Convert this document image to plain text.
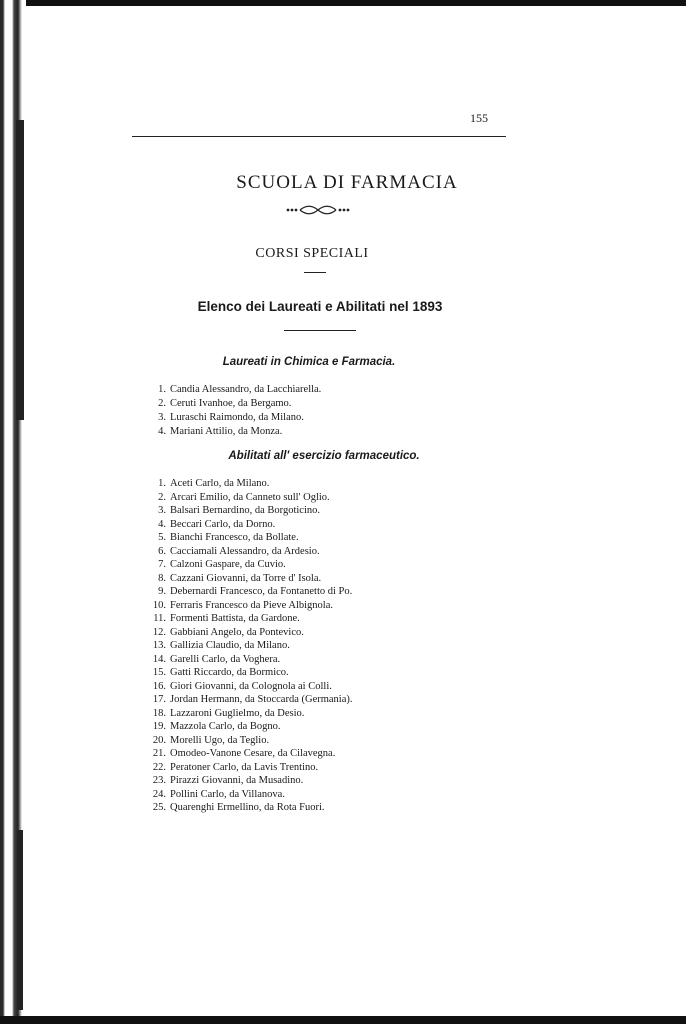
155
SCUOLA DI FARMACIA
CORSI SPECIALI
Elenco dei Laureati e Abilitati nel 1893
Laureati in Chimica e Farmacia.
1. Candia Alessandro, da Lacchiarella.
2. Ceruti Ivanhoe, da Bergamo.
3. Luraschi Raimondo, da Milano.
4. Mariani Attilio, da Monza.
Abilitati all' esercizio farmaceutico.
1. Aceti Carlo, da Milano.
2. Arcari Emilio, da Canneto sull' Oglio.
3. Balsari Bernardino, da Borgoticino.
4. Beccari Carlo, da Dorno.
5. Bianchi Francesco, da Bollate.
6. Cacciamali Alessandro, da Ardesio.
7. Calzoni Gaspare, da Cuvio.
8. Cazzani Giovanni, da Torre d' Isola.
9. Debernardi Francesco, da Fontanetto di Po.
10. Ferraris Francesco da Pieve Albignola.
11. Formenti Battista, da Gardone.
12. Gabbiani Angelo, da Pontevico.
13. Gallizia Claudio, da Milano.
14. Garelli Carlo, da Voghera.
15. Gatti Riccardo, da Bormico.
16. Giori Giovanni, da Colognola ai Colli.
17. Jordan Hermann, da Stoccarda (Germania).
18. Lazzaroni Guglielmo, da Desio.
19. Mazzola Carlo, da Bogno.
20. Morelli Ugo, da Teglio.
21. Omodeo-Vanone Cesare, da Cilavegna.
22. Peratoner Carlo, da Lavis Trentino.
23. Pirazzi Giovanni, da Musadino.
24. Pollini Carlo, da Villanova.
25. Quarenghi Ermellino, da Rota Fuori.
